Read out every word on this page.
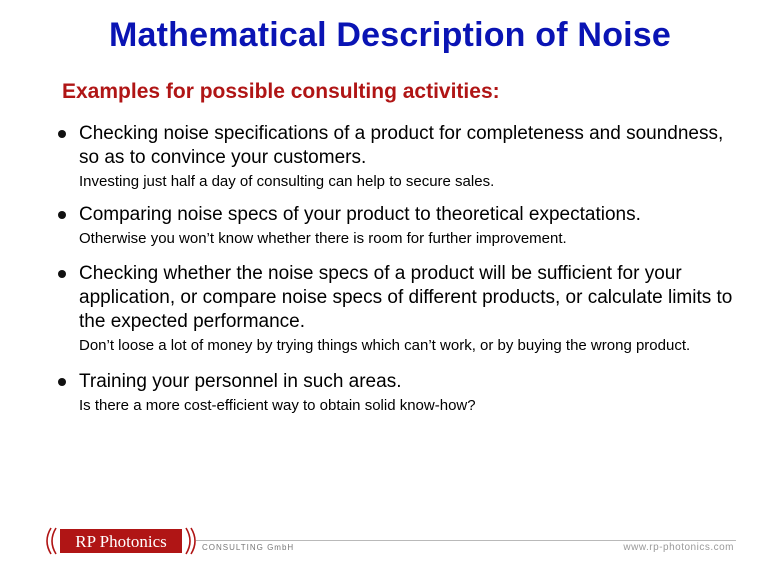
Mathematical Description of Noise
Examples for possible consulting activities:
Checking noise specifications of a product for completeness and soundness, so as to convince your customers.
Investing just half a day of consulting can help to secure sales.
Comparing noise specs of your product to theoretical expectations.
Otherwise you won’t know whether there is room for further improvement.
Checking whether the noise specs of a product will be sufficient for your application, or compare noise specs of different products, or calculate limits to the expected performance.
Don’t loose a lot of money by trying things which can’t work, or by buying the wrong product.
Training your personnel in such areas.
Is there a more cost-efficient way to obtain solid know-how?
RP Photonics	CONSULTING GmbH	www.rp-photonics.com
